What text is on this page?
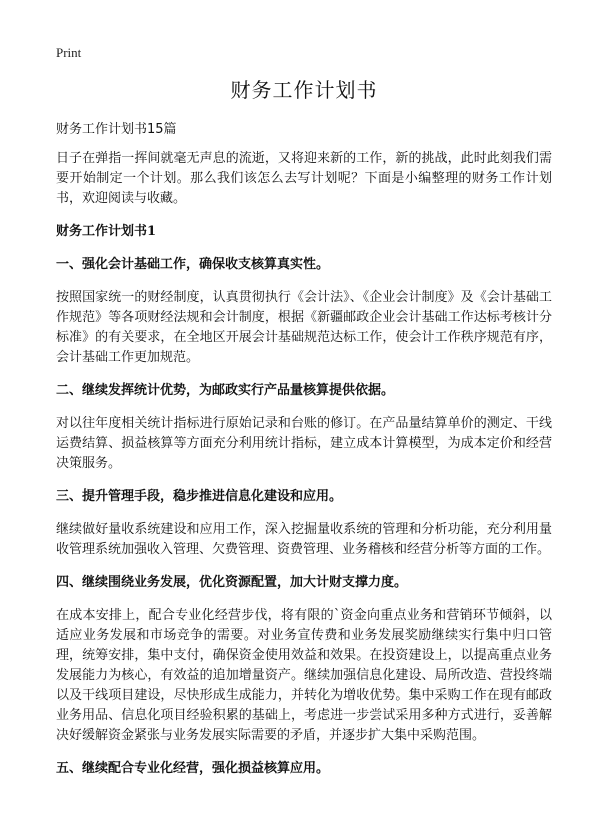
Print
财务工作计划书
财务工作计划书15篇

日子在弹指一挥间就毫无声息的流逝，又将迎来新的工作，新的挑战，此时此刻我们需要开始制定一个计划。那么我们该怎么去写计划呢？下面是小编整理的财务工作计划书，欢迎阅读与收藏。

财务工作计划书1
一、强化会计基础工作，确保收支核算真实性。

按照国家统一的财经制度，认真贯彻执行《会计法》、《企业会计制度》及《会计基础工作规范》等各项财经法规和会计制度，根据《新疆邮政企业会计基础工作达标考核计分标准》的有关要求，在全地区开展会计基础规范达标工作，使会计工作秩序规范有序，会计基础工作更加规范。

二、继续发挥统计优势，为邮政实行产品量核算提供依据。

对以往年度相关统计指标进行原始记录和台账的修订。在产品量结算单价的测定、干线运费结算、损益核算等方面充分利用统计指标，建立成本计算模型，为成本定价和经营决策服务。

三、提升管理手段，稳步推进信息化建设和应用。

继续做好量收系统建设和应用工作，深入挖掘量收系统的管理和分析功能，充分利用量收管理系统加强收入管理、欠费管理、资费管理、业务稽核和经营分析等方面的工作。

四、继续围绕业务发展，优化资源配置，加大计财支撑力度。

在成本安排上，配合专业化经营步伐，将有限的`资金向重点业务和营销环节倾斜，以适应业务发展和市场竞争的需要。对业务宣传费和业务发展奖励继续实行集中归口管理，统筹安排，集中支付，确保资金使用效益和效果。在投资建设上，以提高重点业务发展能力为核心，有效益的追加增量资产。继续加强信息化建设、局所改造、营投终端以及干线项目建设，尽快形成生成能力，并转化为增收优势。集中采购工作在现有邮政业务用品、信息化项目经验积累的基础上，考虑进一步尝试采用多种方式进行，妥善解决好缓解资金紧张与业务发展实际需要的矛盾，并逐步扩大集中采购范围。

五、继续配合专业化经营，强化损益核算应用。
